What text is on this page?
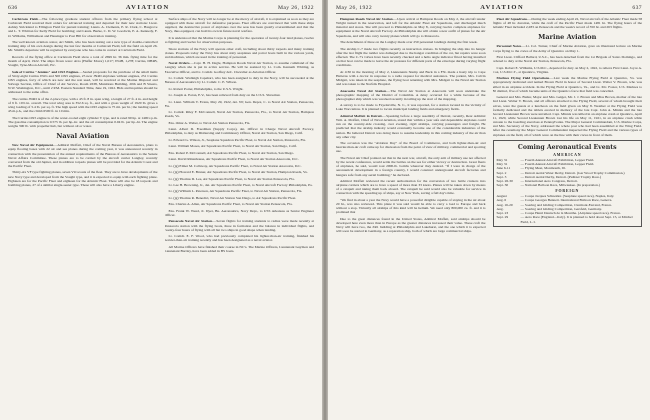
636	AVIATION	May 26, 1922

Carlstrom Field.—The following graduate student officers from the primary flying school at Carlstrom Field received their orders for advanced training and departed for their new stations: Lieut. Ashley Strickland to Ellington Field for pursuit training; Lieuts. A. Clements, E. R. Clark, C. Hasgrove and L. T. Whitton for Kelly Field for bombing; and Lieuts. Burke, C. D. W. Goodwin, E. A. Kennedy, F. O. Williams, Williamson and Hessinger to Post Hill for observation training.

The well known aviation orator, Art Smith, who has been testing out a new type of double-controlled training ship of his own design during the last few months at Carlstrom Field, left the field on April 26. Mr. Smith's departure will be regretted by everyone who has come in contact at Carlstrom Field.

Records of the flying office at Carlstrom Field show a total of 2699 hr. 36 min. flying time for the month of April, 1922. The ships flown were: Avro (Huffer Motor) 1,017; JN4H, 1,278; Curtiss, DH4B, Vought, Tyne-Moon Aircraft, Etc.

Sale of Curtiss "Jennies" and OX5 Engines.—Sealed proposals for the purchase of the small items of Sixty-eight Curtiss JN4's and 500 OX5 engines, 25 new JN4D airplanes without engines, 251 Curtiss OX5 engines, forty of which are new and the rest used, will be received at the Marine Disposal and Salvage Section, Office of Chief of Air Service, Room 2638, Munitions Building, 20th and B Streets, N.W. Washington, D.C., until 2 P.M. Eastern Standard Time, June 19, 1922. Bids and inquiries should be addressed to the same office.

The curtiss JN4D is of the 2-place type, with a 43 ft. 8 in. span wing, a length of 27 ft. 4 in. and height of 9 ft. 10⅝ in. overall. The total wing area is 352.6 sq. ft., and with a gross weight of 1920 lb. gives a wing loading of 5.4 lb. per sq. ft. The high speed with the OX5 engine is 75 mi. per hr.; the landing speed 45 m.p.h., and the climb 6500 ft. in 10 min.

The Curtiss OX5 engine is of the water-cooled eight cylinder V type, and is rated 90 hp. at 1400 r.p.m. The gasoline consumption is 0.575 lb. per hp.-hr. and the oil consumption 0.04 lb. per hp.-hr. The engine weighs 390 lb. with propeller hub, but without oil or water.

Naval Aviation

New Naval Air Equipment.—Admiral Moffett, Chief of the Naval Bureau of Aeronautics, plans to equip floating bases with 22 air and sea planes during the coming year, it was announced recently in connection with the presentation of the annual requirements of the Bureau of Aeronautics to the Senate Naval Affairs Committee. These planes are to be carried by the aircraft carrier Langley, recently converted from the old Jupiter, and in addition torpedo planes will be provided for the Atlantic Coast and the Pacific Fleet.

Thirty-six VF type fighting planes, seven VO scouts of the fleet. They are to have developments of the new Navy type and developed from the Vought type, and it is expected to equip with each fighting plane. Eighteen are for the Pacific Fleet and eighteen for the Atlantic Fleet. There will also be 18 torpedo and bombing planes, 27 of a similar single-seater type. These will also have a Liberty engine.

Surface ships of the Navy will no longer be at the mercy of aircraft, it is explained as soon as they are equipped with these aircraft for defensive purposes. Fleet officers are convinced that with these ships supplied, the destructive power of airplanes over the seas has been greatly overestimated and that the Navy, thus equipped, can hold its own in future naval warfare.

It is understood that the Marine Corps is planning for the operation of twenty-four land planes, twelve as fighting and twelve for observation purposes.

Shore stations of the Navy will operate other craft, including about thirty torpedo and many training planes. Proposals today the Navy has about sixty seaplanes and patrol boats built in the various yards, and machines, which are used in the training of personnel.

Naval Orders.—Capt. H. H. Dagle, Hampton Roads Naval Air Station, to assume command of the Langley when she is put in active service. He will be assisted by Lt. Com. Kenneth Whiting, as Executive Officer, and Lt. Comdr. Godfrey deC. Chevalier as Aviation Officer.

Lt. Comdr. Wadleigh Capehart, who has been assigned to duty in the Navy, will be succeeded at the Bureau of Aeronautics by Lt. Comdr. C. E. Wilson.

Lt. Robert Porter, Philadelphia, to the U.S.S. Wright.

Lt. Joseph A. Eaton, E.V., has been relieved from duty on the U.S.S. Shawmut.

Lt. Lieut. William V. Evans, May 29, 1922, det. NI; Gen. Depot, C. to Naval Air Station, Pensacola, Fla.

Lt. Comdr. Riley F. McConnell, Naval Air Station, Pensacola, Fla., to Naval Air Station, Hampton Roads, Va.

Ens. Omar A. Weber, to Naval Air Station Pensacola, Fla.

Lieut. Albert D. Freedman (Supply Corps), det. Officer in Charge Naval Aircraft Factory, Philadelphia, to duty as Disbursing and Commissary Officer, Naval Air Station, San Diego, Calif.

Lt. Edward G. Wilson, Jr., Seaplane Squadron Pacific Fleet, to Naval Air Station, Pensacola, Fla.

Lieut. William Moses, Air Squadrons Pacific Fleet, to Naval Air Station, San Diego, Calif.

Ens. Robert P. McConnell, Air Squadrons Pacific Fleet, to Naval Air Station, San Diego.

Lieut. David Rittenhouse, Air Squadrons Pacific Fleet, to Naval Air Station Anacostia, D.C.

Lt. (jg) Elmer M. Callaway, Air Squadrons Pacific Fleet, to Naval Air Station Anacostia, D.C.

Lt. (jg) Howard E. Bruner, Air Squadrons Pacific Fleet, to Naval Air Station, Hampton Roads, Va.

Lt. (jg) Thomas D. Lee, Air Squadrons Pacific Fleet, to Naval Air Station Pensacola, Fla.

Lt. Lee H. Browning, Jr., det. Air Squadrons Pacific Fleet, to Naval Aircraft Factory Philadelphia, Pa.

Lt. (jg) William L. Peterson, Air Squadrons Pacific Fleet, to Naval Air Station, Pensacola, Fla.

Lt. (jg) Thomas R. Benedict, Naval Air Station San Diego, to Air Squadrons Pacific Fleet.

Ens. Charles A. Allen, Air Squadrons Pacific Fleet, to Naval Air Station Pensacola, Fla.

Ens. Frank W. Wead, Jr. Dyer, Bu. Aeronautics, Navy Dept., to USS Arkansas as Senior Engineer Officer.

Pensacola Naval Air Station.—Seven flights for training students to radius were made recently at Pensacola station with the flying boats, three in formation and the balance in individual flights, and twenty-four hours of flying with all but two ships in good shape when landing.

Lt. Comdr. E. F. Wood, who had previously completed his lighter-than-air training, finished his heavier-than-air training recently and has been designated as a naval aviator.

All Marine Officers have finished their course in NC's. The Marine Officers, Lieutenant Guymon and Lieutenant Bartley, have been added in BS boats.

May 26, 1922	AVIATION	637

Hampton Roads Naval Air Station.—Upon arrival at Hampton Roads on May 2, the aircraft tender Wright turned in the reservation, and left for the Atlantic Fleet Air Squadrons, and discharged much material and stores. She will proceed to Philadelphia on May 8, carrying twelve complete airplanes for equipment at the Naval Aircraft Factory. At Philadelphia she will obtain a new outfit of planes for the Air Squadrons, and will also carry twenty planes which will go to Pensacola.

The detachment of three on the Langley made over 250 personnel landings during the first week.

The airship C-7 made two flights recently as instruction cruises. In bringing the ship into its hangar after the last flight the rudder was damaged due to the hangar condition of the car, but repairs were soon effected. The C-7's valves have been recently checked and a helio angle indicator fitted having installed on that boat can be made to leave the air pressure for different parts of the envelope during varying flight conditions.

At 4:30 in the morning of May 2, Lieutenants Stump and Beck in a F5L made a hasty trip to Cape Hatteras with a doctor in response to a radio request for medical assistance. The patient, Mrs. Calvin Midgett, was taken in the seaplane, the flying boat returning with Mrs. Midgett to the Naval Air Station and was taken to the Norfolk Hospital.

Anacostia Naval Air Station.—The Naval Air Station at Anacostia will soon undertake the photographic mapping of the District of Columbia. A delay occurred for a while because of the photographer ship which was wrecked recently in tailing up the start of the mapping.

A survey is to be made to Fayetteville, N. C., it was reported, for a station located in the vicinity of Lake Waccamaw. It is planned to locate municipal landing fields and emergency fields.

Admiral Moffett in Detroit.—Speaking before a large assembly of Detroit, recently, Rear Admiral Wm. A. Moffett, Chief of Naval Aviation, stated that within a year safe and dependable airplanes could run on the country-side crossing, over evening, rigid airships, carrying passengers and freight. He predicted that the airship industry would eventually become one of the considerable industries of the nation. He believed Detroit was doing more to assume leadership in this coming industry of the air than any other city.

The occasion was the "Aviation Day" of the Board of Commerce, and both lighter-than-air and heavier-than-air craft came up for discussion from the point of view of military, commercial and sporting use.

The Naval Air Chief pointed out that in the next war, aircraft, the only arm of military use not affected by the recent conference, would settle the battles on the sea for either victory or destruction. Great fleets of airplanes, he said, would rout 2000-lb. bombs wherever they desired. "If I were in charge of the aeronautical development in a foreign country, I would construct underground aircraft factories and hangars safe from any aerial bombing," he declared.

Admiral Moffett reviewed the recent authorization for the conversion of two battle cruisers into airplane carriers which are to have a speed of more than 33 knots. Planes will be taken down by means of a catapult and taking them back aboard. The catapult he said would also be valuable for service in connection with the speeding up of ships, say at New York, saving a full day's time.

"We find in about a year the Navy would have a powerful dirigible capable of staying in the air about 20 hr., was also reviewed. This plane it was said would be able to carry a load to Europe and back without a stop. Virtually all airships of this kind will be helium. We need only 800,000 cu. ft. and it is promised that

Due to the great distances found in the United States, Admiral Moffett, said airships should be developed here even more than in Europe as the greater distances increased their value. These craft the Navy will have two, the ZR1 building at Philadelphia and Lakehurst, and the one which it is expected will soon be started in Germany, as a reparation ship, both of which are large commercial ships.

Fleet Air Squadrons.—During the week ending April 22, Naval aircraft of the Atlantic Fleet made 58 flights of 48 hr. duration, while the craft of the Pacific Fleet made 1481 hr. The flying hours of the Atlantic Fleet included 2,283 on Pensacola and the week's record of 350 hr. and 263 flights.

Marine Aviation

Personnel Notes.—Lt. Col. Turner, Chief of Marine Aviation, gave an illustrated lecture on Marine Corps flying to the crews of the Army of Quantico on May 1.

First Lieut. Clifford Ballard, U.S.C., has been detached from the 1st Brigade of Santo Domingo, and ordered to duty at the Naval Air Station, Pensacola, Fla.

Capt. Robert E. Williams, U.S.M.C., departed for duty on May 2, 1922, to relieve First Lieut. Joyce A. Cox, U.S.M.C.T., at Quantico, Virginia.

Marines Flying Field Operations.—Last week the Marine Flying Field at Quantico, Va. was appropriately dedicated and named Brown Field in honor of Second Lieut. Walter V. Brown, who was killed in an airplane accident. In the Flying Field at Quantico, Va., and Lt. Mc. Foster, U.S. Marines to 80 distinct, five of which became units of the Quantico force that field was cancelled.

General and Mrs. Butler, Major and Mrs. Geiger, Mr. J. J. Brown and Miss Brown, mother of the late 2nd Lieut. Walter V. Brown, and all officers attached to the Flying Field, several of whom brought their wives, were the guests at a luncheon on the field given on May 8. Weather at the Flying Field was formally dedicated and the tablets erected in memory of the late Capt. John A. Minnis and the late Second Lieutenant Brown were unveiled. Capt. Minnis was killed in an airplane crash at Quantico, April 21, 1920, while Second Lieutenant Brown lost his life on May 11, 1921, in an airplane crash while enroute to the boarding exercises at Pennsylvania. The Major General Commandant, U.S. Marine Corps, and Mrs. Secretary of the Navy, addressed the whole post who had been assembled at the Wing Field. After the ceremony the Major General Commandant inspected the Flying Field and the various types of airplanes on the field, all of which were on the line with their crews in front of them.

Coming Aeronautical Events
AMERICAN
May 31	— Fourth Annual Aircraft Exhibition, Lepper Field.
May 31	— Fourth Annual Aircraft Exhibition, Lepper Field.
June 6-11	— Flying Meet, Monmouth, Ill.
Sept. 2	— Detroit Aerial Water Derby, Detroit. (Gar Wood Trophy Commission.)
Sept. 3	— Detroit Aerial Derby, Detroit. (Pulitzer Trophy Race.)
Sept. 26-30	— International Aero Congress, Detroit.
Sept. 30	— National Balloon Race, Milwaukee. (In preparation.)
FOREIGN
August	— Coupe Jacques Schneider. (Seaplane speed race), Naples, Italy.
Aug. 6	— Coupe Georges Bennett. International Balloon Race, Geneva.
Aug. 16-20	— Soaring and Gliding Competition, Clermont-Ferrand, France.
Aug.	— Soaring and Gliding Competition, Gersfeld, Germany.
Sept. 23	— Coupe Henri Deutsch de la Meurthe. (Airplane speed race), France.
Sept. 29	— Aero Race (England—Italy). It is planned to hold about Sept. 15, at Mitchel Field, L. I.
